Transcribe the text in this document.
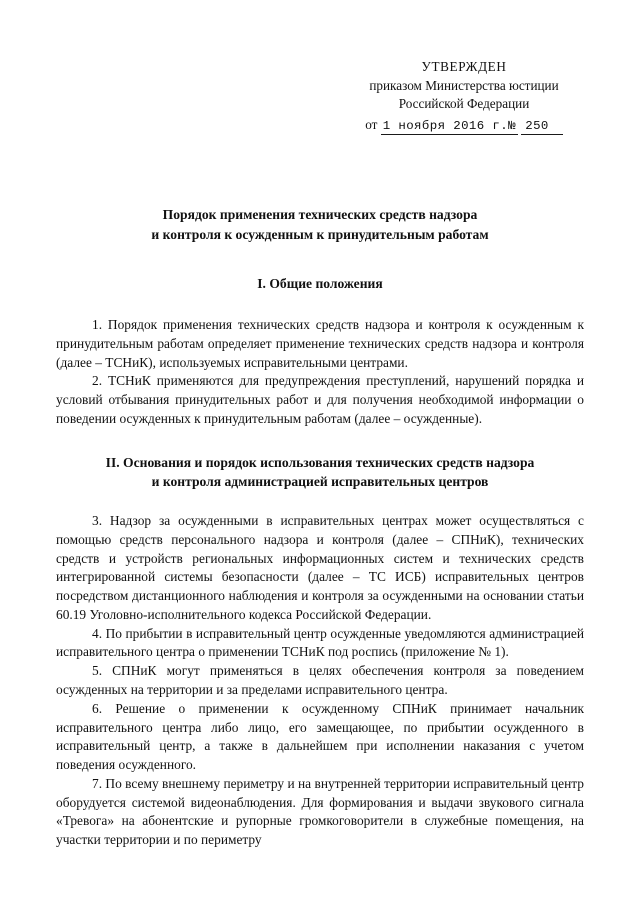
УТВЕРЖДЕН
приказом Министерства юстиции
Российской Федерации
от 1 ноября 2016 г.№ 250
Порядок применения технических средств надзора
и контроля к осужденным к принудительным работам
I. Общие положения

1. Порядок применения технических средств надзора и контроля к осужденным к принудительным работам определяет применение технических средств надзора и контроля (далее – ТСНиК), используемых исправительными центрами.

2. ТСНиК применяются для предупреждения преступлений, нарушений порядка и условий отбывания принудительных работ и для получения необходимой информации о поведении осужденных к принудительным работам (далее – осужденные).

II. Основания и порядок использования технических средств надзора
и контроля администрацией исправительных центров

3. Надзор за осужденными в исправительных центрах может осуществляться с помощью средств персонального надзора и контроля (далее – СПНиК), технических средств и устройств региональных информационных систем и технических средств интегрированной системы безопасности (далее – ТС ИСБ) исправительных центров посредством дистанционного наблюдения и контроля за осужденными на основании статьи 60.19 Уголовно-исполнительного кодекса Российской Федерации.

4. По прибытии в исправительный центр осужденные уведомляются администрацией исправительного центра о применении ТСНиК под роспись (приложение № 1).

5. СПНиК могут применяться в целях обеспечения контроля за поведением осужденных на территории и за пределами исправительного центра.

6. Решение о применении к осужденному СПНиК принимает начальник исправительного центра либо лицо, его замещающее, по прибытии осужденного в исправительный центр, а также в дальнейшем при исполнении наказания с учетом поведения осужденного.

7. По всему внешнему периметру и на внутренней территории исправительный центр оборудуется системой видеонаблюдения. Для формирования и выдачи звукового сигнала «Тревога» на абонентские и рупорные громкоговорители в служебные помещения, на участки территории и по периметру
